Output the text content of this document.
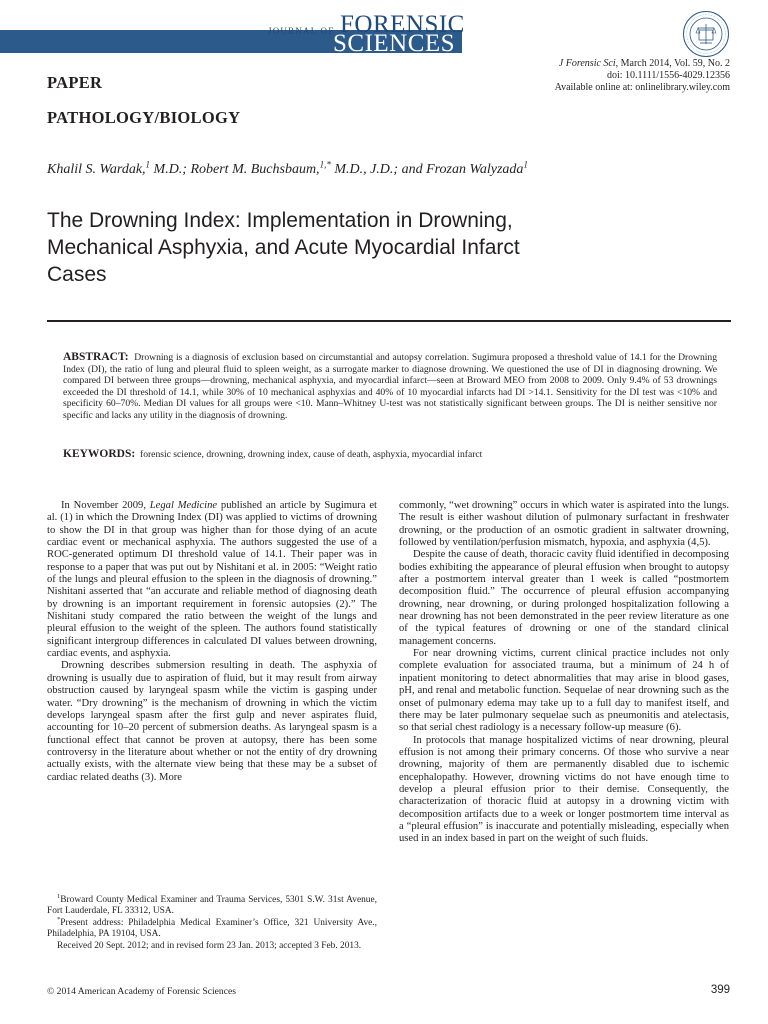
JOURNAL OF FORENSIC
SCIENCES
J Forensic Sci, March 2014, Vol. 59, No. 2
doi: 10.1111/1556-4029.12356
Available online at: onlinelibrary.wiley.com
PAPER
PATHOLOGY/BIOLOGY
Khalil S. Wardak,$^1$ M.D.; Robert M. Buchsbaum,$^{1,*}$ M.D., J.D.; and Frozan Walyzada$^1$
The Drowning Index: Implementation in Drowning, Mechanical Asphyxia, and Acute Myocardial Infarct Cases
ABSTRACT: Drowning is a diagnosis of exclusion based on circumstantial and autopsy correlation. Sugimura proposed a threshold value of 14.1 for the Drowning Index (DI), the ratio of lung and pleural fluid to spleen weight, as a surrogate marker to diagnose drowning. We questioned the use of DI in diagnosing drowning. We compared DI between three groups—drowning, mechanical asphyxia, and myocardial infarct—seen at Broward MEO from 2008 to 2009. Only 9.4% of 53 drownings exceeded the DI threshold of 14.1, while 30% of 10 mechanical asphyxias and 40% of 10 myocardial infarcts had DI >14.1. Sensitivity for the DI test was <10% and specificity 60–70%. Median DI values for all groups were <10. Mann–Whitney U-test was not statistically significant between groups. The DI is neither sensitive nor specific and lacks any utility in the diagnosis of drowning.
KEYWORDS: forensic science, drowning, drowning index, cause of death, asphyxia, myocardial infarct

In November 2009, Legal Medicine published an article by Sugimura et al. (1) in which the Drowning Index (DI) was applied to victims of drowning to show the DI in that group was higher than for those dying of an acute cardiac event or mechanical asphyxia. The authors suggested the use of a ROC-generated optimum DI threshold value of 14.1. Their paper was in response to a paper that was put out by Nishitani et al. in 2005: “Weight ratio of the lungs and pleural effusion to the spleen in the diagnosis of drowning.” Nishitani asserted that “an accurate and reliable method of diagnosing death by drowning is an important requirement in forensic autopsies (2).” The Nishitani study compared the ratio between the weight of the lungs and pleural effusion to the weight of the spleen. The authors found statistically significant intergroup differences in calculated DI values between drowning, cardiac events, and asphyxia.

Drowning describes submersion resulting in death. The asphyxia of drowning is usually due to aspiration of fluid, but it may result from airway obstruction caused by laryngeal spasm while the victim is gasping under water. “Dry drowning” is the mechanism of drowning in which the victim develops laryngeal spasm after the first gulp and never aspirates fluid, accounting for 10–20 percent of submersion deaths. As laryngeal spasm is a functional effect that cannot be proven at autopsy, there has been some controversy in the literature about whether or not the entity of dry drowning actually exists, with the alternate view being that these may be a subset of cardiac related deaths (3). More

commonly, “wet drowning” occurs in which water is aspirated into the lungs. The result is either washout dilution of pulmonary surfactant in freshwater drowning, or the production of an osmotic gradient in saltwater drowning, followed by ventilation/perfusion mismatch, hypoxia, and asphyxia (4,5).

Despite the cause of death, thoracic cavity fluid identified in decomposing bodies exhibiting the appearance of pleural effusion when brought to autopsy after a postmortem interval greater than 1 week is called “postmortem decomposition fluid.” The occurrence of pleural effusion accompanying drowning, near drowning, or during prolonged hospitalization following a near drowning has not been demonstrated in the peer review literature as one of the typical features of drowning or one of the standard clinical management concerns.

For near drowning victims, current clinical practice includes not only complete evaluation for associated trauma, but a minimum of 24 h of inpatient monitoring to detect abnormalities that may arise in blood gases, pH, and renal and metabolic function. Sequelae of near drowning such as the onset of pulmonary edema may take up to a full day to manifest itself, and there may be later pulmonary sequelae such as pneumonitis and atelectasis, so that serial chest radiology is a necessary follow-up measure (6).

In protocols that manage hospitalized victims of near drowning, pleural effusion is not among their primary concerns. Of those who survive a near drowning, majority of them are permanently disabled due to ischemic encephalopathy. However, drowning victims do not have enough time to develop a pleural effusion prior to their demise. Consequently, the characterization of thoracic fluid at autopsy in a drowning victim with decomposition artifacts due to a week or longer postmortem time interval as a “pleural effusion” is inaccurate and potentially misleading, especially when used in an index based in part on the weight of such fluids.

$^1$Broward County Medical Examiner and Trauma Services, 5301 S.W. 31st Avenue, Fort Lauderdale, FL 33312, USA.

*Present address: Philadelphia Medical Examiner’s Office, 321 University Ave., Philadelphia, PA 19104, USA.

Received 20 Sept. 2012; and in revised form 23 Jan. 2013; accepted 3 Feb. 2013.

© 2014 American Academy of Forensic Sciences	399
